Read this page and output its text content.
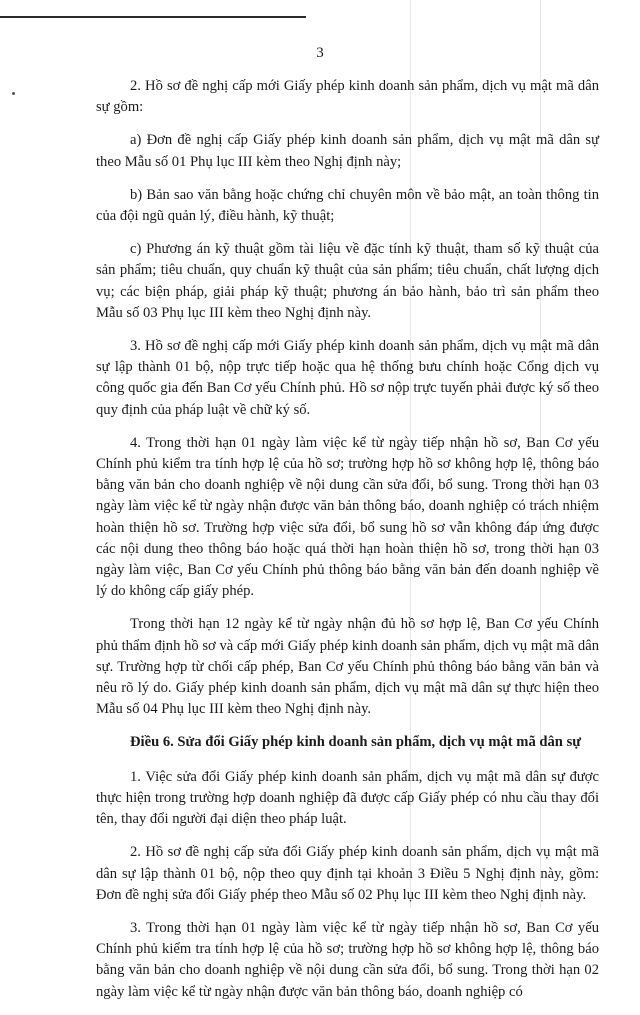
3

2. Hồ sơ đề nghị cấp mới Giấy phép kinh doanh sản phẩm, dịch vụ mật mã dân sự gồm:

a) Đơn đề nghị cấp Giấy phép kinh doanh sản phẩm, dịch vụ mật mã dân sự theo Mẫu số 01 Phụ lục III kèm theo Nghị định này;

b) Bản sao văn bằng hoặc chứng chỉ chuyên môn về bảo mật, an toàn thông tin của đội ngũ quản lý, điều hành, kỹ thuật;

c) Phương án kỹ thuật gồm tài liệu về đặc tính kỹ thuật, tham số kỹ thuật của sản phẩm; tiêu chuẩn, quy chuẩn kỹ thuật của sản phẩm; tiêu chuẩn, chất lượng dịch vụ; các biện pháp, giải pháp kỹ thuật; phương án bảo hành, bảo trì sản phẩm theo Mẫu số 03 Phụ lục III kèm theo Nghị định này.

3. Hồ sơ đề nghị cấp mới Giấy phép kinh doanh sản phẩm, dịch vụ mật mã dân sự lập thành 01 bộ, nộp trực tiếp hoặc qua hệ thống bưu chính hoặc Cổng dịch vụ công quốc gia đến Ban Cơ yếu Chính phủ. Hồ sơ nộp trực tuyến phải được ký số theo quy định của pháp luật về chữ ký số.

4. Trong thời hạn 01 ngày làm việc kể từ ngày tiếp nhận hồ sơ, Ban Cơ yếu Chính phủ kiểm tra tính hợp lệ của hồ sơ; trường hợp hồ sơ không hợp lệ, thông báo bằng văn bản cho doanh nghiệp về nội dung cần sửa đổi, bổ sung. Trong thời hạn 03 ngày làm việc kể từ ngày nhận được văn bản thông báo, doanh nghiệp có trách nhiệm hoàn thiện hồ sơ. Trường hợp việc sửa đổi, bổ sung hồ sơ vẫn không đáp ứng được các nội dung theo thông báo hoặc quá thời hạn hoàn thiện hồ sơ, trong thời hạn 03 ngày làm việc, Ban Cơ yếu Chính phủ thông báo bằng văn bản đến doanh nghiệp về lý do không cấp giấy phép.

Trong thời hạn 12 ngày kể từ ngày nhận đủ hồ sơ hợp lệ, Ban Cơ yếu Chính phủ thẩm định hồ sơ và cấp mới Giấy phép kinh doanh sản phẩm, dịch vụ mật mã dân sự. Trường hợp từ chối cấp phép, Ban Cơ yếu Chính phủ thông báo bằng văn bản và nêu rõ lý do. Giấy phép kinh doanh sản phẩm, dịch vụ mật mã dân sự thực hiện theo Mẫu số 04 Phụ lục III kèm theo Nghị định này.

Điều 6. Sửa đổi Giấy phép kinh doanh sản phẩm, dịch vụ mật mã dân sự

1. Việc sửa đổi Giấy phép kinh doanh sản phẩm, dịch vụ mật mã dân sự được thực hiện trong trường hợp doanh nghiệp đã được cấp Giấy phép có nhu cầu thay đổi tên, thay đổi người đại diện theo pháp luật.

2. Hồ sơ đề nghị cấp sửa đổi Giấy phép kinh doanh sản phẩm, dịch vụ mật mã dân sự lập thành 01 bộ, nộp theo quy định tại khoản 3 Điều 5 Nghị định này, gồm: Đơn đề nghị sửa đổi Giấy phép theo Mẫu số 02 Phụ lục III kèm theo Nghị định này.

3. Trong thời hạn 01 ngày làm việc kể từ ngày tiếp nhận hồ sơ, Ban Cơ yếu Chính phủ kiểm tra tính hợp lệ của hồ sơ; trường hợp hồ sơ không hợp lệ, thông báo bằng văn bản cho doanh nghiệp về nội dung cần sửa đổi, bổ sung. Trong thời hạn 02 ngày làm việc kể từ ngày nhận được văn bản thông báo, doanh nghiệp có
